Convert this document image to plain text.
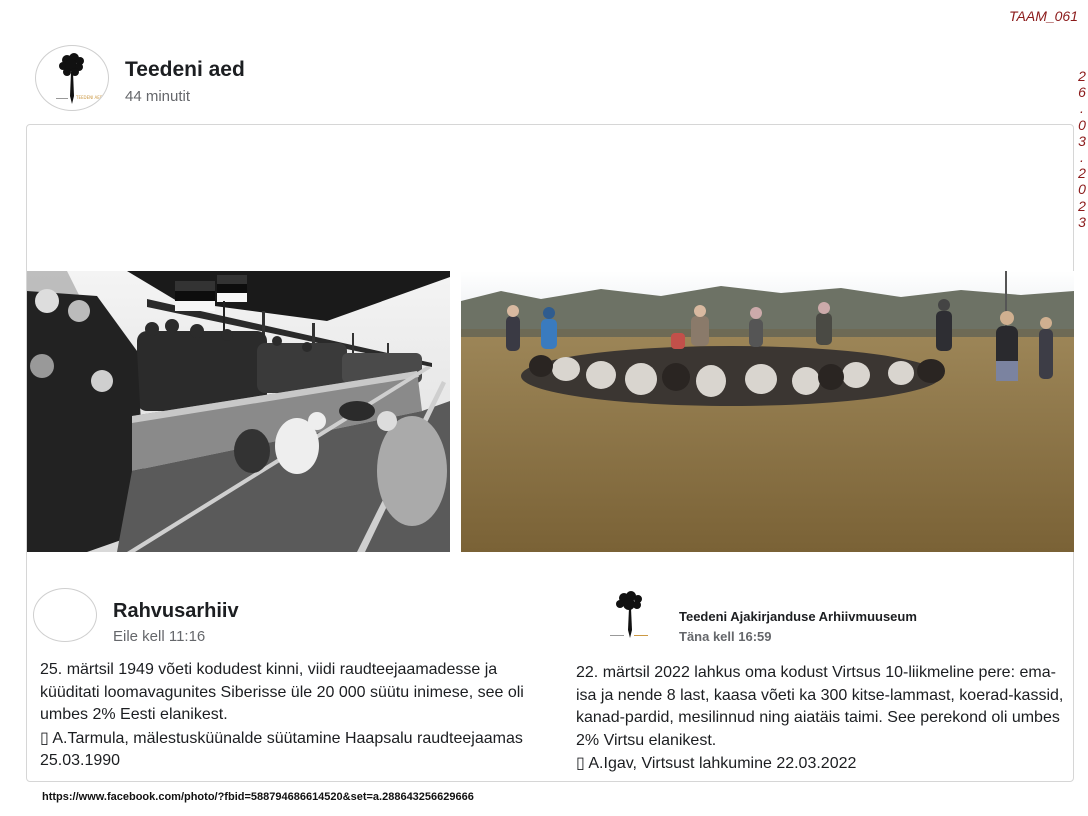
TAAM_061
2
6
.
0
3
.
2
0
2
3
TEEDENI AED
Teedeni aed
44 minutit
Rahvusarhiiv
Eile kell 11:16
25. märtsil 1949 võeti kodudest kinni, viidi raudteejaamadesse ja küüditati loomavagunites Siberisse üle 20 000 süütu inimese, see oli umbes 2% Eesti elanikest.
▯ A.Tarmula, mälestusküünalde süütamine Haapsalu raudteejaamas 25.03.1990
Teedeni Ajakirjanduse Arhiivmuuseum
Täna kell 16:59
22. märtsil 2022 lahkus oma kodust Virtsus 10-liikmeline pere: ema-isa ja nende 8 last, kaasa võeti ka 300 kitse-lammast, koerad-kassid, kanad-pardid, mesilinnud ning aiatäis taimi. See perekond oli umbes 2% Virtsu elanikest.
▯ A.Igav, Virtsust lahkumine 22.03.2022
https://www.facebook.com/photo/?fbid=588794686614520&set=a.288643256629666
